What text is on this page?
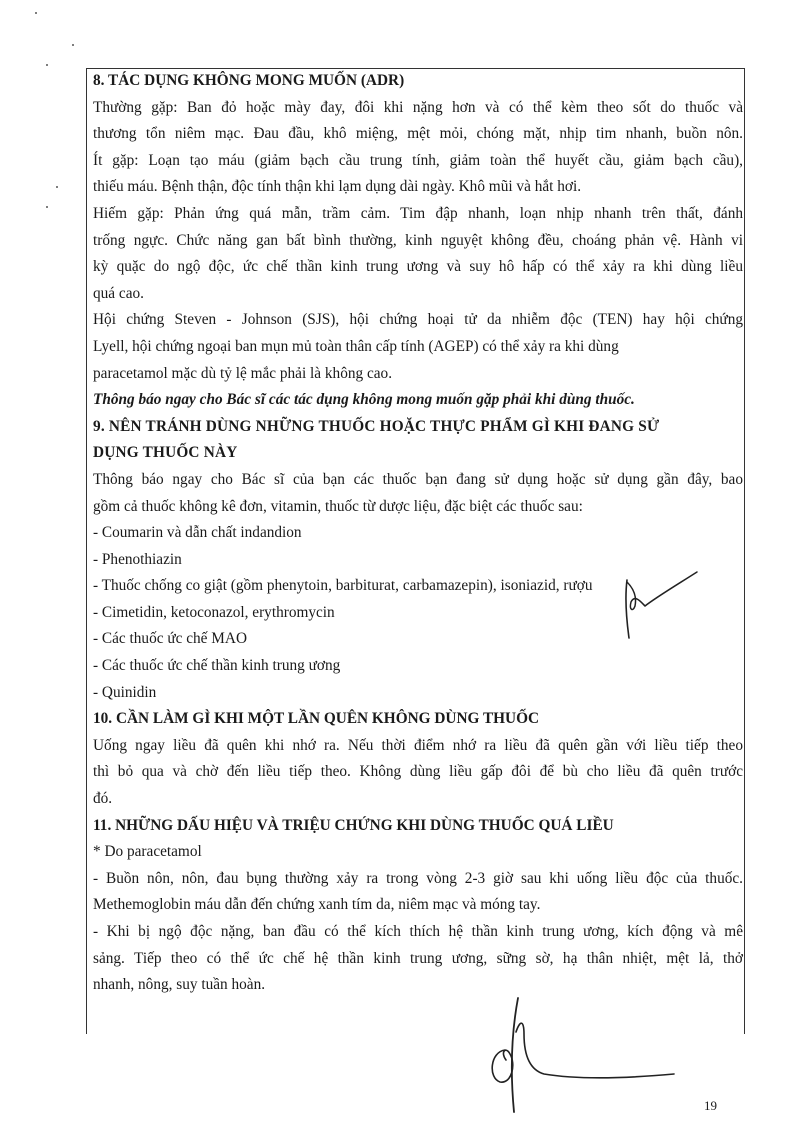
8. TÁC DỤNG KHÔNG MONG MUỐN (ADR)

Thường gặp: Ban đỏ hoặc mày đay, đôi khi nặng hơn và có thể kèm theo sốt do thuốc và

thương tổn niêm mạc. Đau đầu, khô miệng, mệt mỏi, chóng mặt, nhịp tim nhanh, buồn nôn.

Ít gặp: Loạn tạo máu (giảm bạch cầu trung tính, giảm toàn thể huyết cầu, giảm bạch cầu),

thiếu máu. Bệnh thận, độc tính thận khi lạm dụng dài ngày. Khô mũi và hắt hơi.

Hiếm gặp: Phản ứng quá mẫn, trầm cảm. Tim đập nhanh, loạn nhịp nhanh trên thất, đánh

trống ngực. Chức năng gan bất bình thường, kinh nguyệt không đều, choáng phản vệ. Hành vi

kỳ quặc do ngộ độc, ức chế thần kinh trung ương và suy hô hấp có thể xảy ra khi dùng liều

quá cao.

Hội chứng Steven - Johnson (SJS), hội chứng hoại tử da nhiễm độc (TEN) hay hội chứng

Lyell, hội chứng ngoại ban mụn mủ toàn thân cấp tính (AGEP) có thể xảy ra khi dùng

paracetamol mặc dù tỷ lệ mắc phải là không cao.

Thông báo ngay cho Bác sĩ các tác dụng không mong muốn gặp phải khi dùng thuốc.

9. NÊN TRÁNH DÙNG NHỮNG THUỐC HOẶC THỰC PHẨM GÌ KHI ĐANG SỬ

DỤNG THUỐC NÀY

Thông báo ngay cho Bác sĩ của bạn các thuốc bạn đang sử dụng hoặc sử dụng gần đây, bao

gồm cả thuốc không kê đơn, vitamin, thuốc từ dược liệu, đặc biệt các thuốc sau:

- Coumarin và dẫn chất indandion

- Phenothiazin

- Thuốc chống co giật (gồm phenytoin, barbiturat, carbamazepin), isoniazid, rượu

- Cimetidin, ketoconazol, erythromycin

- Các thuốc ức chế MAO

- Các thuốc ức chế thần kinh trung ương

- Quinidin

10. CẦN LÀM GÌ KHI MỘT LẦN QUÊN KHÔNG DÙNG THUỐC

Uống ngay liều đã quên khi nhớ ra. Nếu thời điểm nhớ ra liều đã quên gần với liều tiếp theo

thì bỏ qua và chờ đến liều tiếp theo. Không dùng liều gấp đôi để bù cho liều đã quên trước

đó.

11. NHỮNG DẤU HIỆU VÀ TRIỆU CHỨNG KHI DÙNG THUỐC QUÁ LIỀU

* Do paracetamol

- Buồn nôn, nôn, đau bụng thường xảy ra trong vòng 2-3 giờ sau khi uống liều độc của thuốc.

Methemoglobin máu dẫn đến chứng xanh tím da, niêm mạc và móng tay.

- Khi bị ngộ độc nặng, ban đầu có thể kích thích hệ thần kinh trung ương, kích động và mê

sảng. Tiếp theo có thể ức chế hệ thần kinh trung ương, sững sờ, hạ thân nhiệt, mệt lả, thở

nhanh, nông, suy tuần hoàn.

19
